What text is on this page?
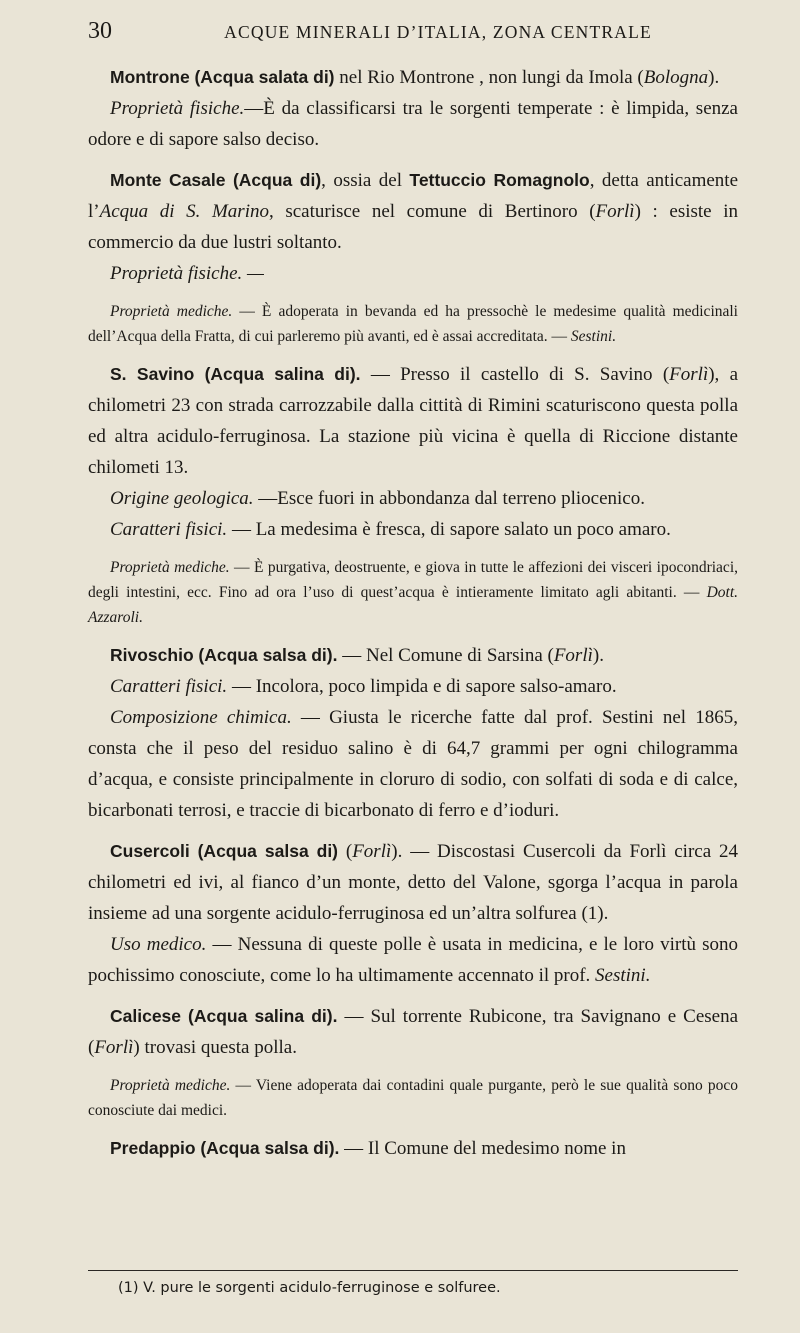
30	ACQUE MINERALI D’ITALIA, ZONA CENTRALE

Montrone (Acqua salata di) nel Rio Montrone , non lungi da Imola (Bologna).

Proprietà fisiche.—È da classificarsi tra le sorgenti temperate : è limpida, senza odore e di sapore salso deciso.

Monte Casale (Acqua di), ossia del Tettuccio Romagnolo, detta anticamente l’Acqua di S. Marino, scaturisce nel comune di Bertinoro (Forlì) : esiste in commercio da due lustri soltanto.

Proprietà fisiche. —

Proprietà mediche. — È adoperata in bevanda ed ha pressochè le medesime qualità medicinali dell’Acqua della Fratta, di cui parleremo più avanti, ed è assai accreditata. — Sestini.

S. Savino (Acqua salina di). — Presso il castello di S. Savino (Forlì), a chilometri 23 con strada carrozzabile dalla cittità di Rimini scaturiscono questa polla ed altra acidulo-ferruginosa. La stazione più vicina è quella di Riccione distante chilometi 13.

Origine geologica. —Esce fuori in abbondanza dal terreno pliocenico.

Caratteri fisici. — La medesima è fresca, di sapore salato un poco amaro.

Proprietà mediche. — È purgativa, deostruente, e giova in tutte le affezioni dei visceri ipocondriaci, degli intestini, ecc. Fino ad ora l’uso di quest’acqua è intieramente limitato agli abitanti. — Dott. Azzaroli.

Rivoschio (Acqua salsa di). — Nel Comune di Sarsina (Forlì).

Caratteri fisici. — Incolora, poco limpida e di sapore salso-amaro.

Composizione chimica. — Giusta le ricerche fatte dal prof. Sestini nel 1865, consta che il peso del residuo salino è di 64,7 grammi per ogni chilogramma d’acqua, e consiste principalmente in cloruro di sodio, con solfati di soda e di calce, bicarbonati terrosi, e traccie di bicarbonato di ferro e d’ioduri.

Cusercoli (Acqua salsa di) (Forlì). — Discostasi Cusercoli da Forlì circa 24 chilometri ed ivi, al fianco d’un monte, detto del Valone, sgorga l’acqua in parola insieme ad una sorgente acidulo-ferruginosa ed un’altra solfurea (1).

Uso medico. — Nessuna di queste polle è usata in medicina, e le loro virtù sono pochissimo conosciute, come lo ha ultimamente accennato il prof. Sestini.

Calicese (Acqua salina di). — Sul torrente Rubicone, tra Savignano e Cesena (Forlì) trovasi questa polla.

Proprietà mediche. — Viene adoperata dai contadini quale purgante, però le sue qualità sono poco conosciute dai medici.

Predappio (Acqua salsa di). — Il Comune del medesimo nome in

(1) V. pure le sorgenti acidulo-ferruginose e solfuree.
